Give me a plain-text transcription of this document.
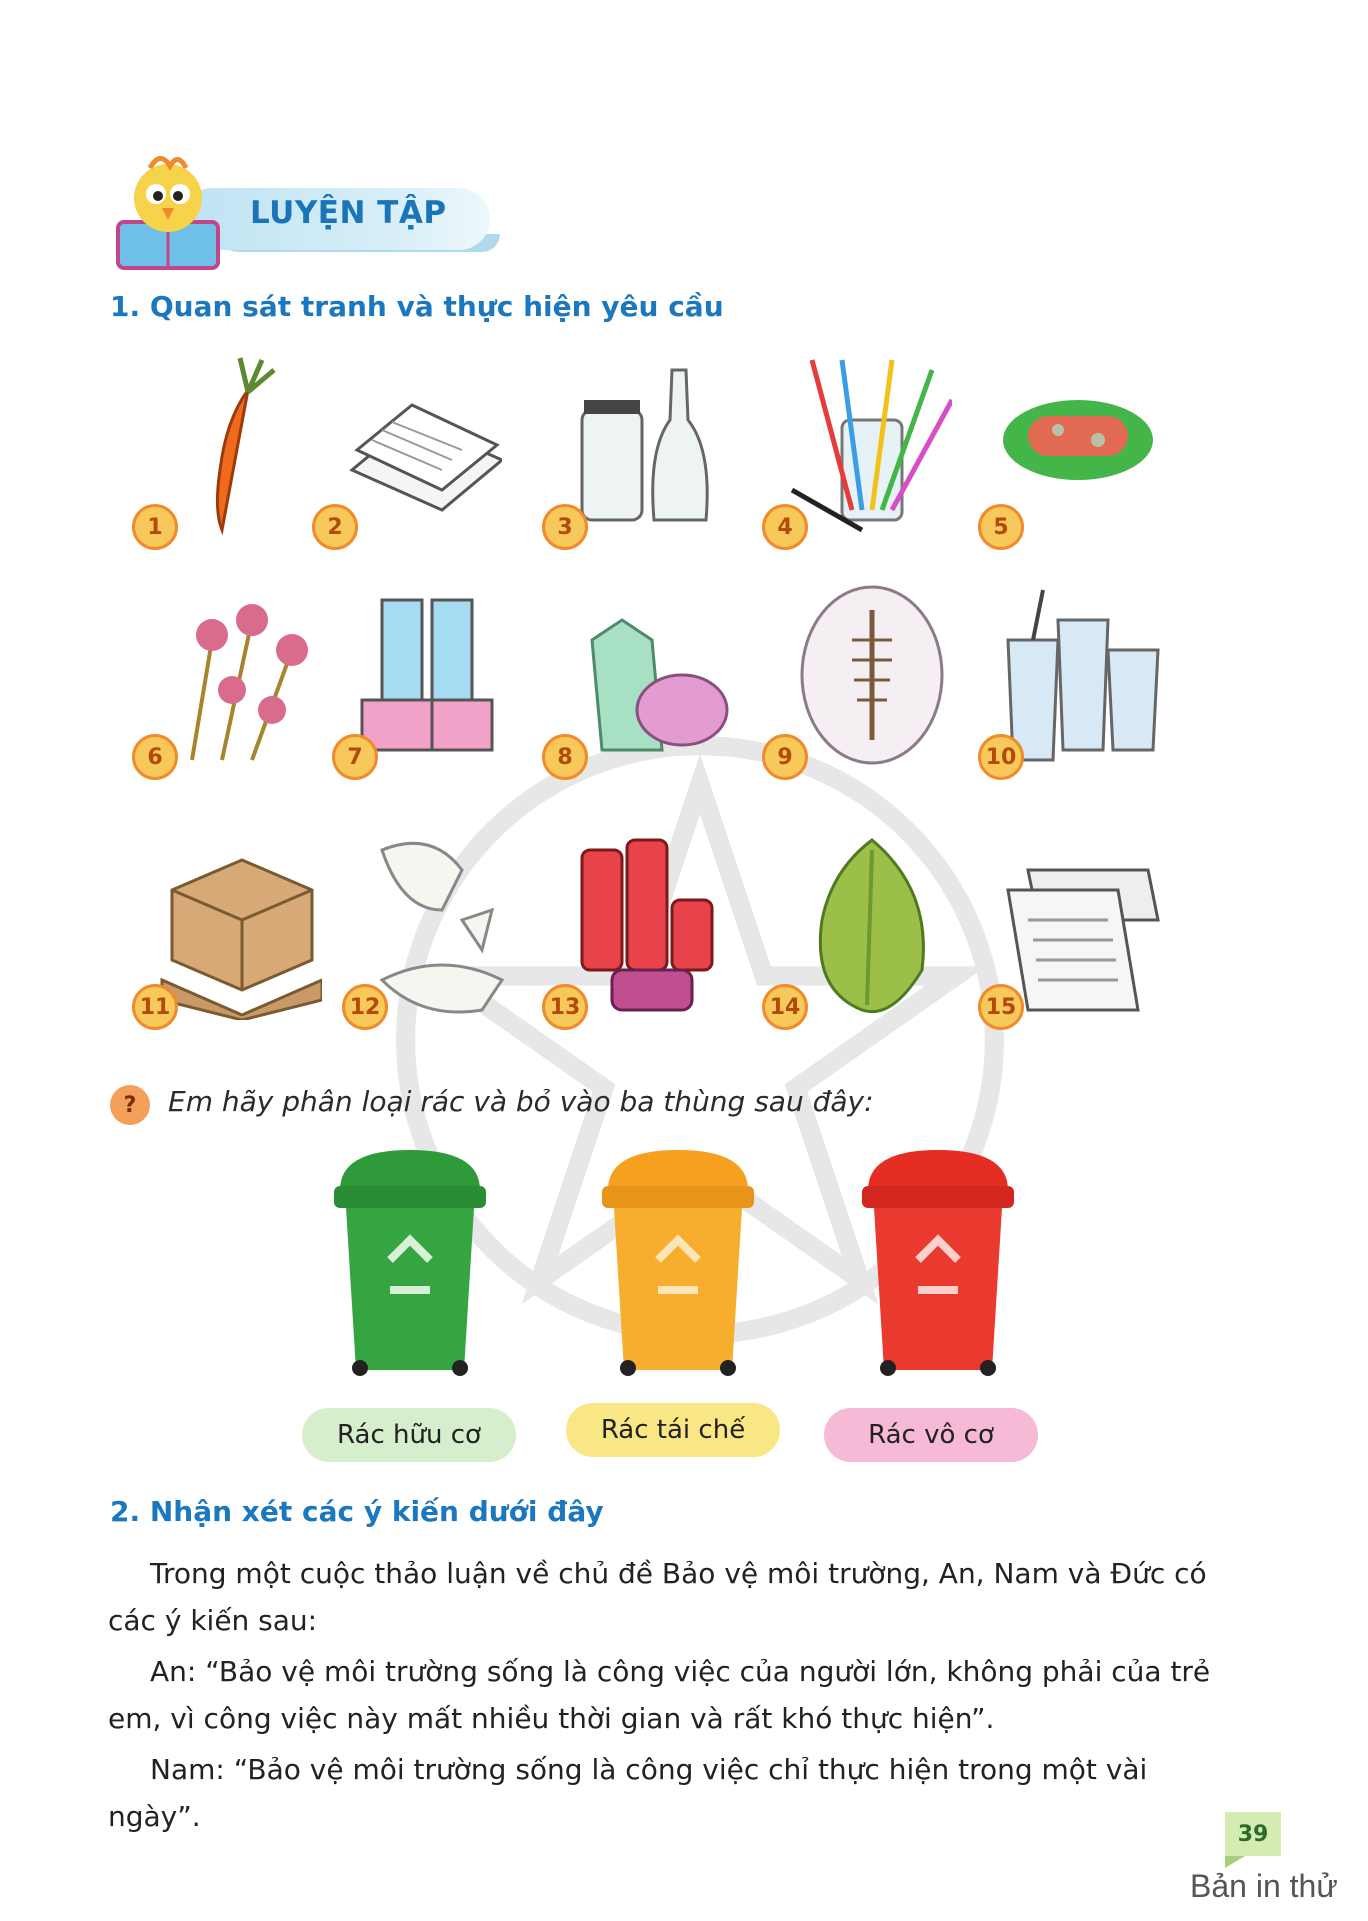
LUYỆN TẬP
1. Quan sát tranh và thực hiện yêu cầu
1	2	3	4	5
6	7	8	9	10
11	12	13	14	15
?	Em hãy phân loại rác và bỏ vào ba thùng sau đây:
Rác hữu cơ	Rác tái chế	Rác vô cơ
2. Nhận xét các ý kiến dưới đây
Trong một cuộc thảo luận về chủ đề Bảo vệ môi trường, An, Nam và Đức có các ý kiến sau:
An: “Bảo vệ môi trường sống là công việc của người lớn, không phải của trẻ em, vì công việc này mất nhiều thời gian và rất khó thực hiện”.
Nam: “Bảo vệ môi trường sống là công việc chỉ thực hiện trong một vài ngày”.
39
Bản in thử
